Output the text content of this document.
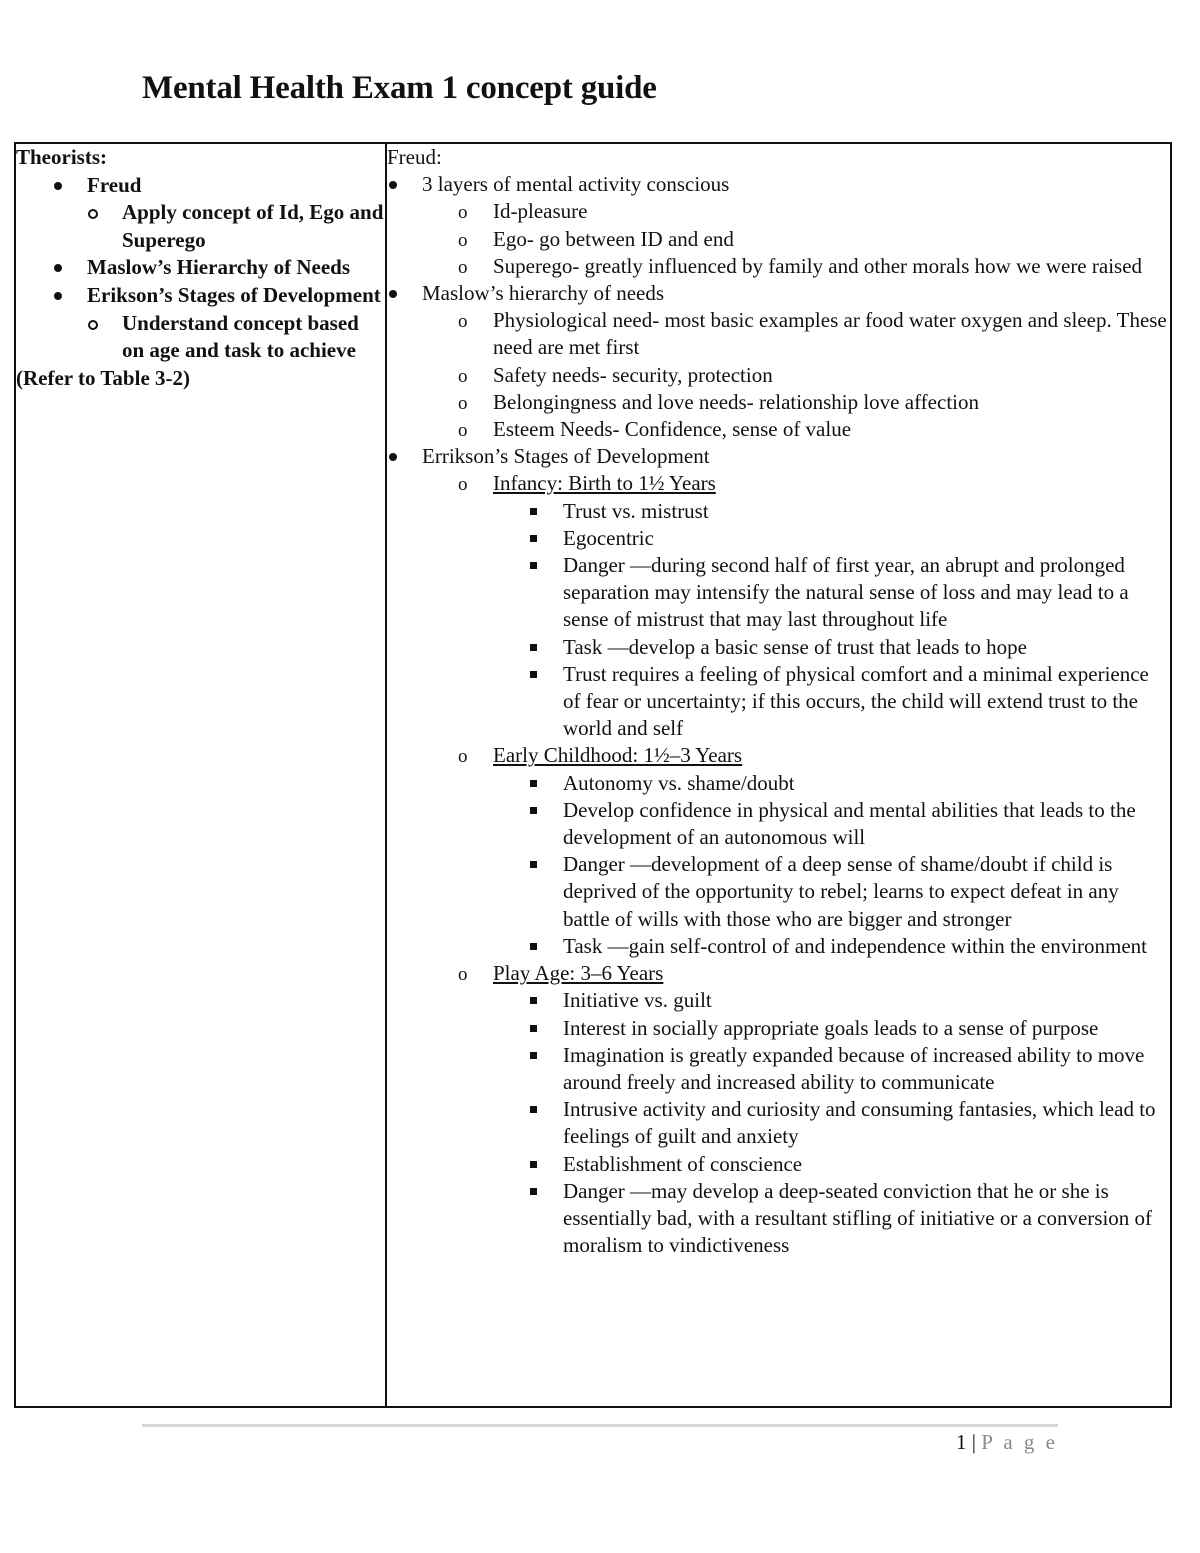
Mental Health Exam 1 concept guide
Theorists:
Freud
Apply concept of Id, Ego and Superego
Maslow’s Hierarchy of Needs
Erikson’s Stages of Development
Understand concept based on age and task to achieve
(Refer to Table 3-2)

Freud:
3 layers of mental activity conscious
o Id-pleasure
o Ego- go between ID and end
o Superego- greatly influenced by family and other morals how we were raised
Maslow’s hierarchy of needs
o Physiological need- most basic examples ar food water oxygen and sleep. These need are met first
o Safety needs- security, protection
o Belongingness and love needs- relationship love affection
o Esteem Needs- Confidence, sense of value
Errikson’s Stages of Development
o Infancy: Birth to 1½ Years
Trust vs. mistrust
Egocentric
Danger —during second half of first year, an abrupt and prolonged separation may intensify the natural sense of loss and may lead to a sense of mistrust that may last throughout life
Task —develop a basic sense of trust that leads to hope
Trust requires a feeling of physical comfort and a minimal experience of fear or uncertainty; if this occurs, the child will extend trust to the world and self
o Early Childhood: 1½–3 Years
Autonomy vs. shame/doubt
Develop confidence in physical and mental abilities that leads to the development of an autonomous will
Danger —development of a deep sense of shame/doubt if child is deprived of the opportunity to rebel; learns to expect defeat in any battle of wills with those who are bigger and stronger
Task —gain self-control of and independence within the environment
o Play Age: 3–6 Years
Initiative vs. guilt
Interest in socially appropriate goals leads to a sense of purpose
Imagination is greatly expanded because of increased ability to move around freely and increased ability to communicate
Intrusive activity and curiosity and consuming fantasies, which lead to feelings of guilt and anxiety
Establishment of conscience
Danger —may develop a deep-seated conviction that he or she is essentially bad, with a resultant stifling of initiative or a conversion of moralism to vindictiveness
1 | P a g e
